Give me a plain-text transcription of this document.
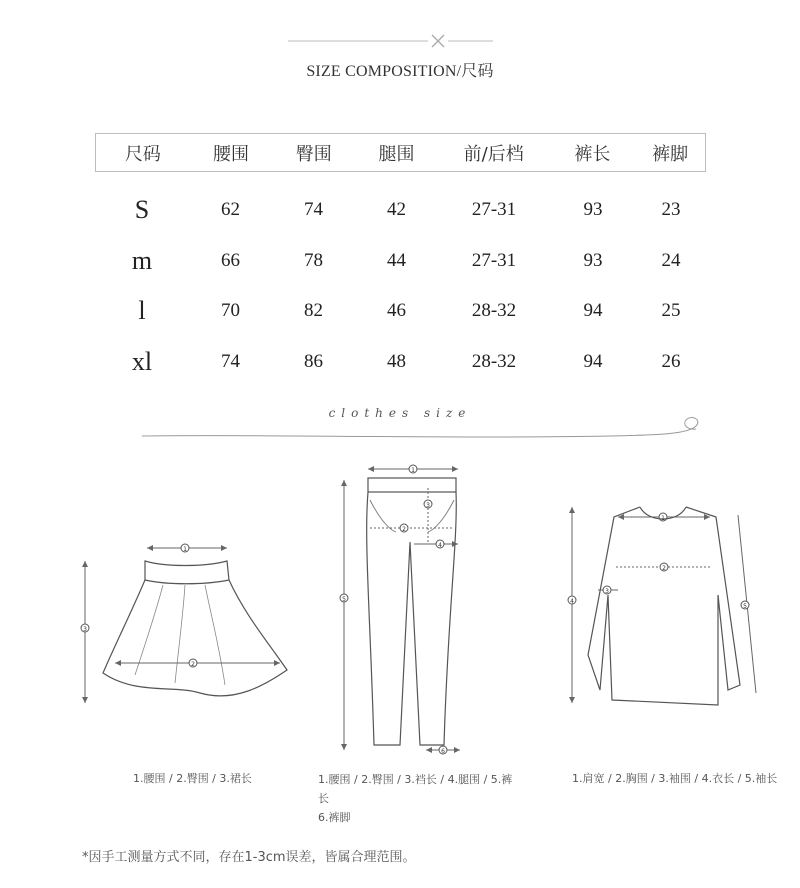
SIZE COMPOSITION/尺码
尺码	腰围	臀围	腿围	前/后档	裤长	裤脚
S	62	74	42	27-31	93	23
m	66	78	44	27-31	93	24
l	70	82	46	28-32	94	25
xl	74	86	48	28-32	94	26
clothes size
1
3
2
1
5
3
2
4
6
1
4
5
2
3
1.腰围 / 2.臀围 / 3.裙长	1.腰围 / 2.臀围 / 3.裆长 / 4.腿围 / 5.裤长
6.裤脚
1.肩宽 / 2.胸围 / 3.袖围 / 4.衣长 / 5.袖长
*因手工测量方式不同，存在1-3cm误差，皆属合理范围。
